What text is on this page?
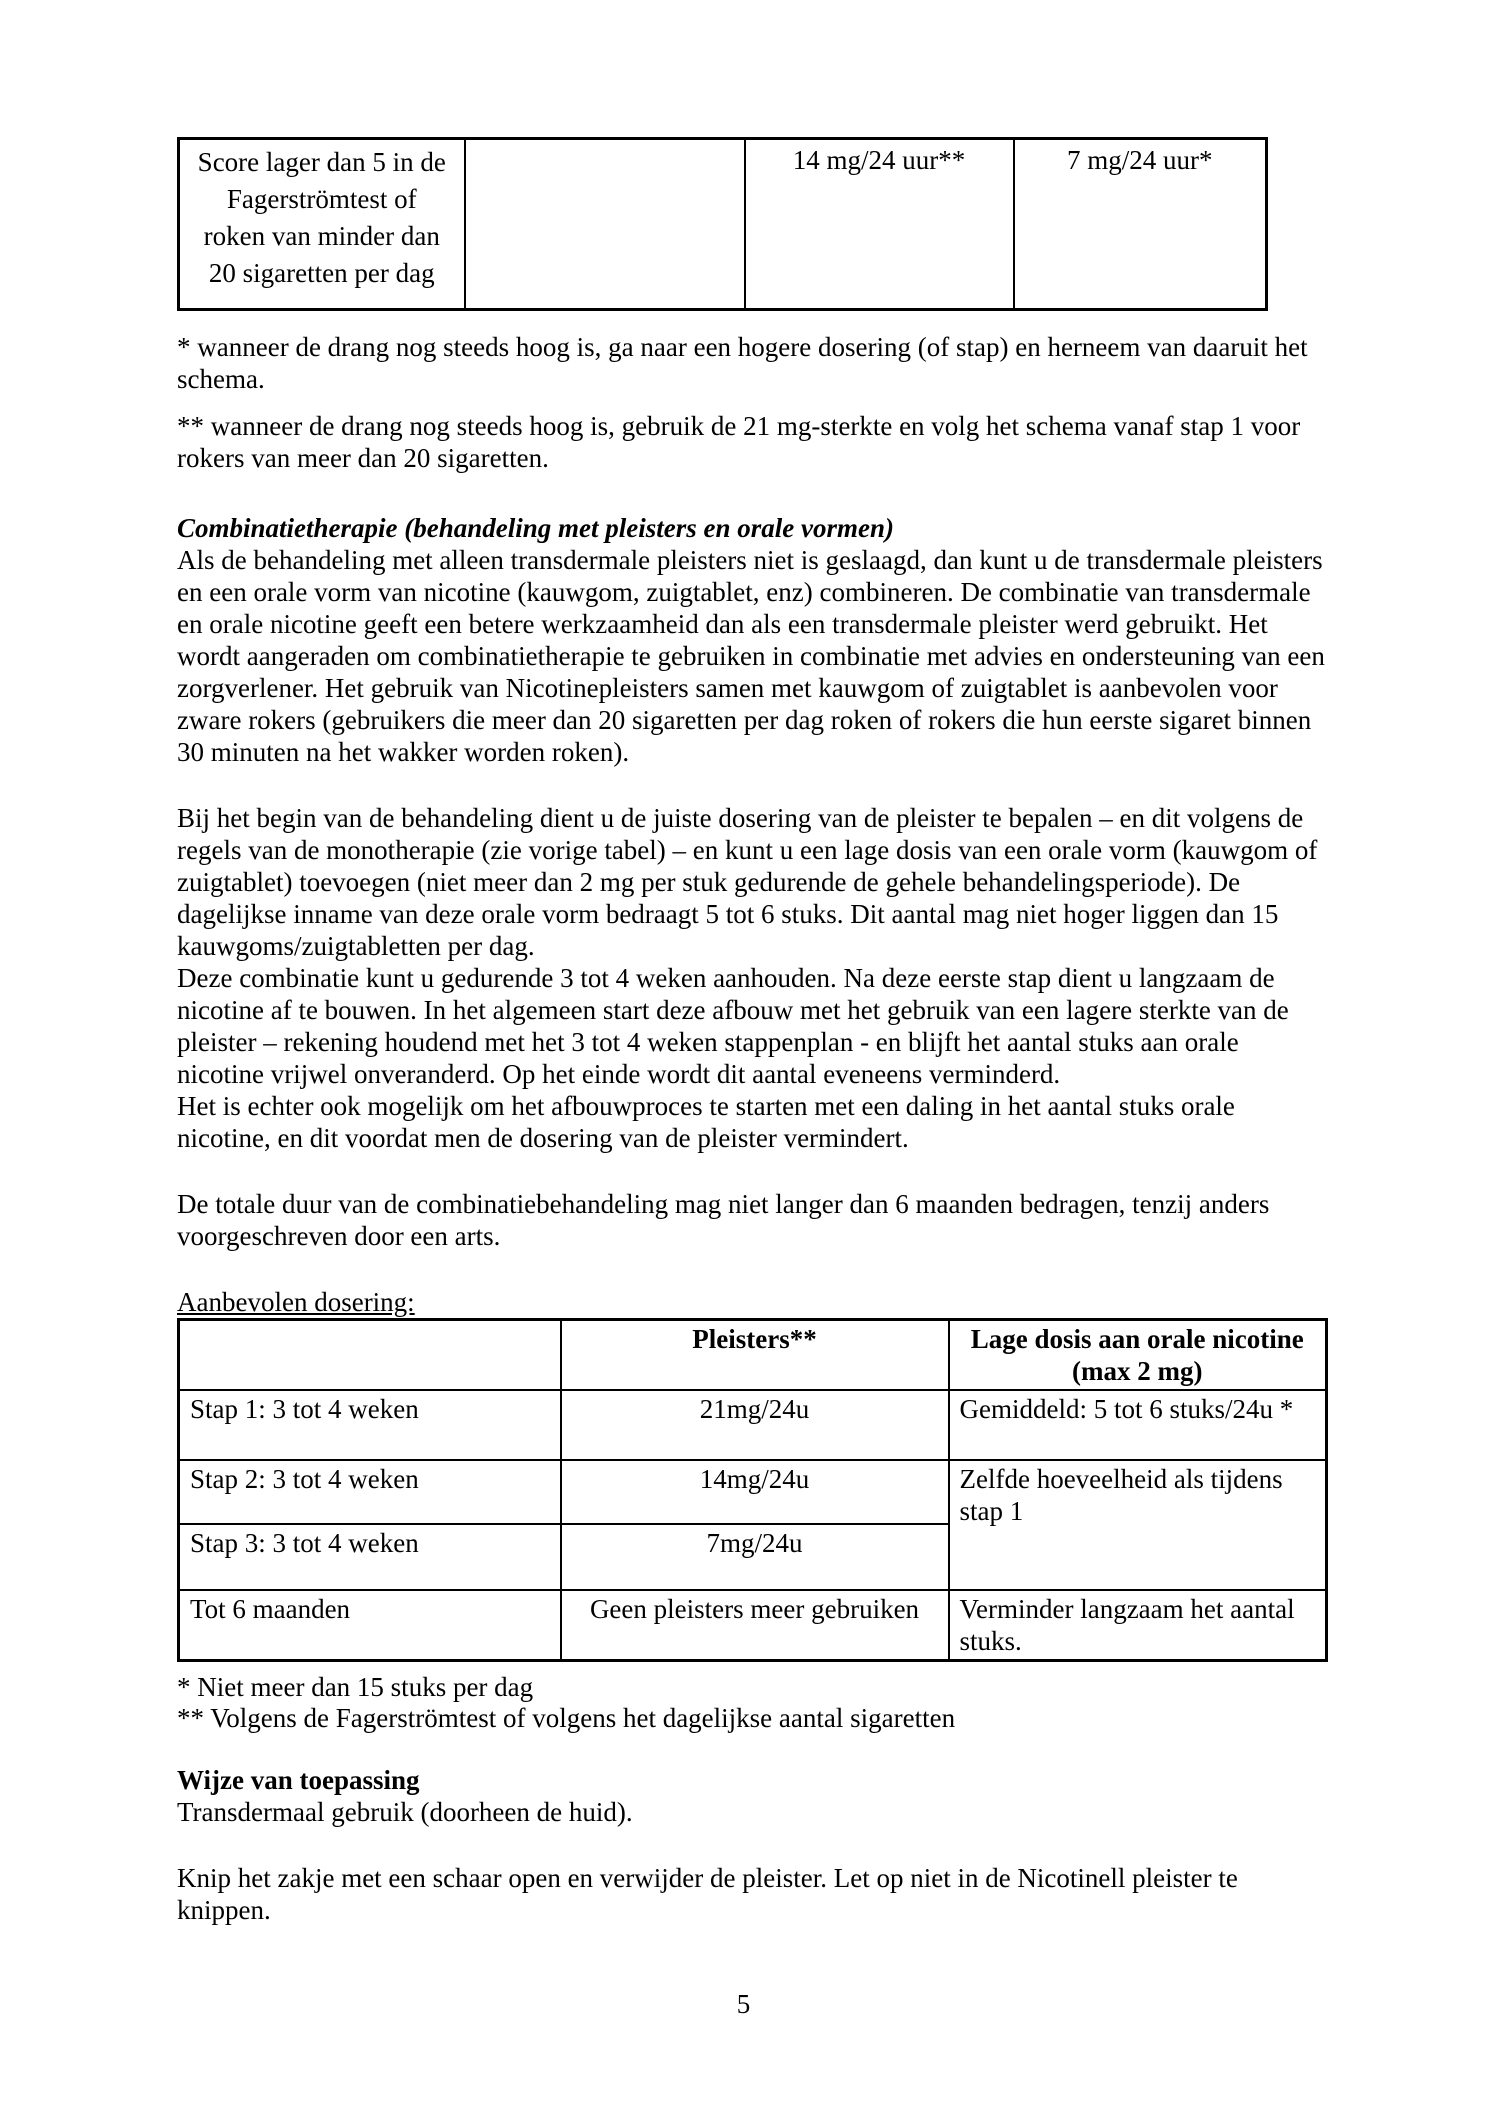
Score lager dan 5 in de
Fagerströmtest of
roken van minder dan
20 sigaretten per dag
		14 mg/24 uur**	7 mg/24 uur*

* wanneer de drang nog steeds hoog is, ga naar een hogere dosering (of stap) en herneem van daaruit het schema.

** wanneer de drang nog steeds hoog is, gebruik de 21 mg-sterkte en volg het schema vanaf stap 1 voor rokers van meer dan 20 sigaretten.

Combinatietherapie (behandeling met pleisters en orale vormen)

Als de behandeling met alleen transdermale pleisters niet is geslaagd, dan kunt u de transdermale pleisters en een orale vorm van nicotine (kauwgom, zuigtablet, enz) combineren. De combinatie van transdermale en orale nicotine geeft een betere werkzaamheid dan als een transdermale pleister werd gebruikt. Het wordt aangeraden om combinatietherapie te gebruiken in combinatie met advies en ondersteuning van een zorgverlener. Het gebruik van Nicotinepleisters samen met kauwgom of zuigtablet is aanbevolen voor zware rokers (gebruikers die meer dan 20 sigaretten per dag roken of rokers die hun eerste sigaret binnen 30 minuten na het wakker worden roken).

Bij het begin van de behandeling dient u de juiste dosering van de pleister te bepalen – en dit volgens de regels van de monotherapie (zie vorige tabel) – en kunt u een lage dosis van een orale vorm (kauwgom of zuigtablet) toevoegen (niet meer dan 2 mg per stuk gedurende de gehele behandelingsperiode). De dagelijkse inname van deze orale vorm bedraagt 5 tot 6 stuks. Dit aantal mag niet hoger liggen dan 15 kauwgoms/zuigtabletten per dag.

Deze combinatie kunt u gedurende 3 tot 4 weken aanhouden. Na deze eerste stap dient u langzaam de nicotine af te bouwen. In het algemeen start deze afbouw met het gebruik van een lagere sterkte van de pleister – rekening houdend met het 3 tot 4 weken stappenplan - en blijft het aantal stuks aan orale nicotine vrijwel onveranderd. Op het einde wordt dit aantal eveneens verminderd.

Het is echter ook mogelijk om het afbouwproces te starten met een daling in het aantal stuks orale nicotine, en dit voordat men de dosering van de pleister vermindert.

De totale duur van de combinatiebehandeling mag niet langer dan 6 maanden bedragen, tenzij anders voorgeschreven door een arts.

Aanbevolen dosering:

	Pleisters**	Lage dosis aan orale nicotine
(max 2 mg)

Stap 1: 3 tot 4 weken	21mg/24u	Gemiddeld: 5 tot 6 stuks/24u *
Stap 2: 3 tot 4 weken	14mg/24u	Zelfde hoeveelheid als tijdens stap 1
Stap 3: 3 tot 4 weken	7mg/24u	
Tot 6 maanden	Geen pleisters meer gebruiken	Verminder langzaam het aantal stuks.

* Niet meer dan 15 stuks per dag

** Volgens de Fagerströmtest of volgens het dagelijkse aantal sigaretten

Wijze van toepassing

Transdermaal gebruik (doorheen de huid).

Knip het zakje met een schaar open en verwijder de pleister. Let op niet in de Nicotinell pleister te knippen.

5
